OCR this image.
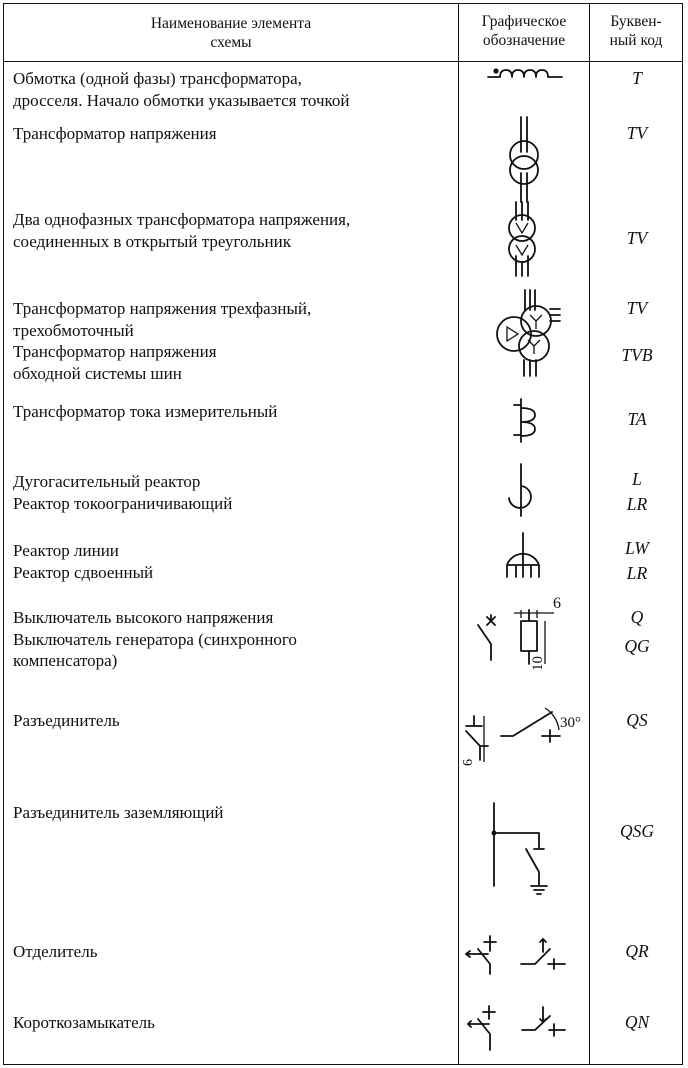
Наименование элемента
схемы
Графическое
обозначение
Буквен-
ный код
Обмотка (одной фазы) трансформатора,
дросселя. Начало обмотки указывается точкой
Трансформатор напряжения
Два однофазных трансформатора напряжения,
соединенных в открытый треугольник
Трансформатор напряжения трехфазный,
трехобмоточный
Трансформатор напряжения
обходной системы шин
Трансформатор тока измерительный
Дугогасительный реактор
Реактор токоограничивающий
Реактор линии
Реактор сдвоенный
Выключатель высокого напряжения
Выключатель генератора (синхронного
компенсатора)
Разъединитель
Разъединитель заземляющий
Отделитель
Короткозамыкатель
T
TV
TV
TV
TVB
TA
L
LR
LW
LR
Q
QG
QS
QSG
QR
QN
6
10
6
30°
